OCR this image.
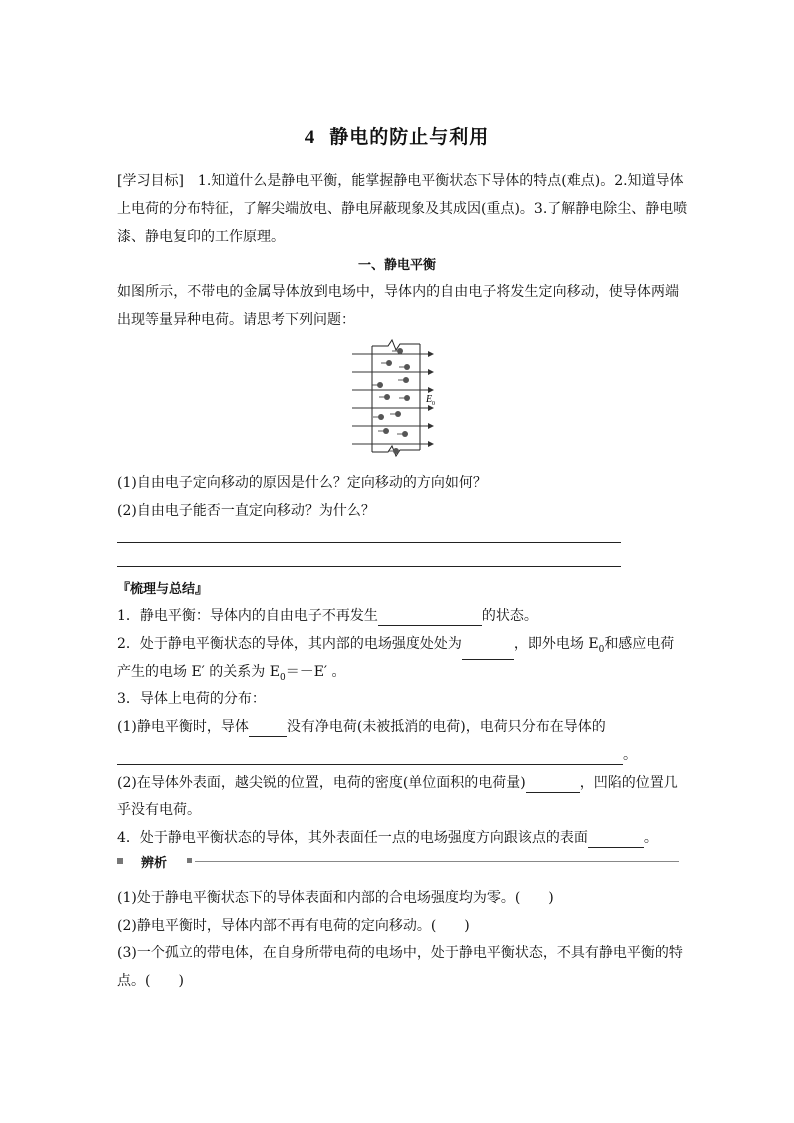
4 静电的防止与利用
[学习目标]　1.知道什么是静电平衡，能掌握静电平衡状态下导体的特点(难点)。2.知道导体
上电荷的分布特征，了解尖端放电、静电屏蔽现象及其成因(重点)。3.了解静电除尘、静电喷
漆、静电复印的工作原理。
一、静电平衡
如图所示，不带电的金属导体放到电场中，导体内的自由电子将发生定向移动，使导体两端
出现等量异种电荷。请思考下列问题：
E 0
(1)自由电子定向移动的原因是什么？定向移动的方向如何？
(2)自由电子能否一直定向移动？为什么？
『梳理与总结』
1．静电平衡：导体内的自由电子不再发生	的状态。
2．处于静电平衡状态的导体，其内部的电场强度处处为	，即外电场 $E_0$和感应电荷
产生的电场 E′ 的关系为 $E_0=-E'$ 。
3．导体上电荷的分布：
(1)静电平衡时，导体	没有净电荷(未被抵消的电荷)，电荷只分布在导体的
。
(2)在导体外表面，越尖锐的位置，电荷的密度(单位面积的电荷量)	，凹陷的位置几
乎没有电荷。
4．处于静电平衡状态的导体，其外表面任一点的电场强度方向跟该点的表面	。
辨析
(1)处于静电平衡状态下的导体表面和内部的合电场强度均为零。(　　)
(2)静电平衡时，导体内部不再有电荷的定向移动。(　　)
(3)一个孤立的带电体，在自身所带电荷的电场中，处于静电平衡状态，不具有静电平衡的特
点。(　　)
